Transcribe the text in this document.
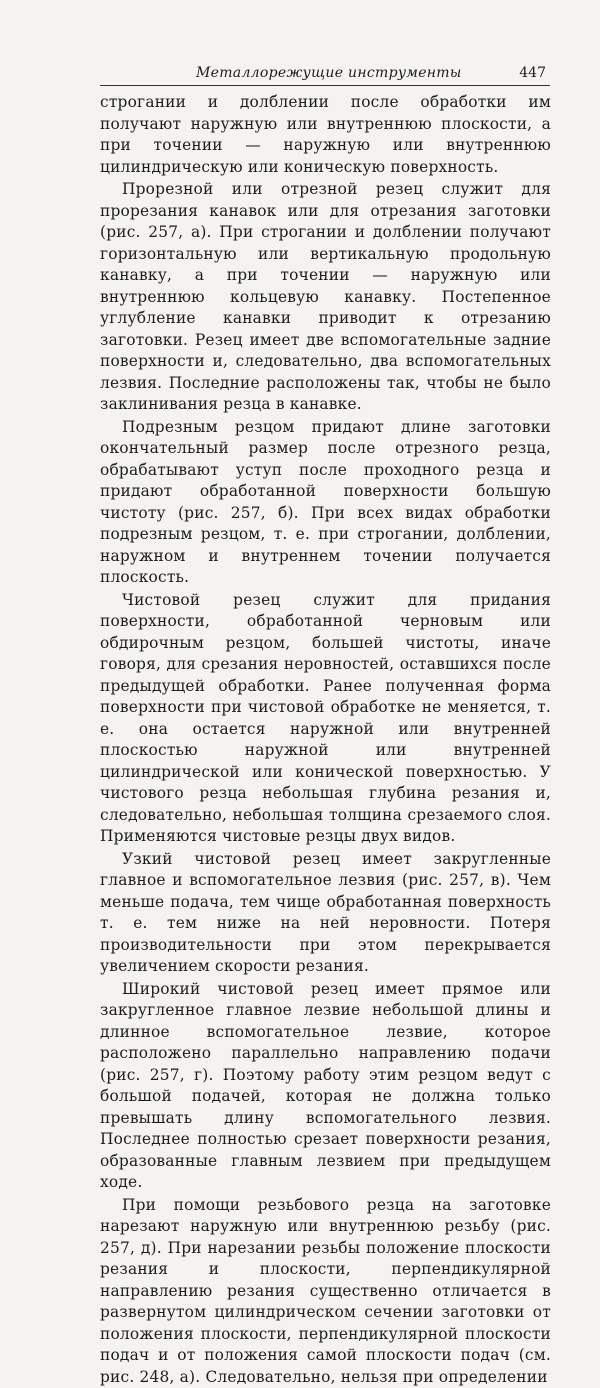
Металлорежущие инструменты	447

строгании и долблении после обработки им получают наружную или внутреннюю плоскости, а при точении — наружную или внутреннюю цилиндрическую или коническую поверхность.

Прорезной или отрезной резец служит для прорезания канавок или для отрезания заготовки (рис. 257, а). При строгании и долблении получают горизонтальную или вертикальную продольную канавку, а при точении — наружную или внутреннюю кольцевую канавку. Постепенное углубление канавки приводит к отрезанию заготовки. Резец имеет две вспомогательные задние поверхности и, следовательно, два вспомогательных лезвия. Последние расположены так, чтобы не было заклинивания резца в канавке.

Подрезным резцом придают длине заготовки окончательный размер после отрезного резца, обрабатывают уступ после проходного резца и придают обработанной поверхности большую чистоту (рис. 257, б). При всех видах обработки подрезным резцом, т. е. при строгании, долблении, наружном и внутреннем точении получается плоскость.

Чистовой резец служит для придания поверхности, обработанной черновым или обдирочным резцом, большей чистоты, иначе говоря, для срезания неровностей, оставшихся после предыдущей обработки. Ранее полученная форма поверхности при чистовой обработке не меняется, т. е. она остается наружной или внутренней плоскостью наружной или внутренней цилиндрической или конической поверхностью. У чистового резца небольшая глубина резания и, следовательно, небольшая толщина срезаемого слоя. Применяются чистовые резцы двух видов.

Узкий чистовой резец имеет закругленные главное и вспомогательное лезвия (рис. 257, в). Чем меньше подача, тем чище обработанная поверхность т. е. тем ниже на ней неровности. Потеря производительности при этом перекрывается увеличением скорости резания.

Широкий чистовой резец имеет прямое или закругленное главное лезвие небольшой длины и длинное вспомогательное лезвие, которое расположено параллельно направлению подачи (рис. 257, г). Поэтому работу этим резцом ведут с большой подачей, которая не должна только превышать длину вспомогательного лезвия. Последнее полностью срезает поверхности резания, образованные главным лезвием при предыдущем ходе.

При помощи резьбового резца на заготовке нарезают наружную или внутреннюю резьбу (рис. 257, д). При нарезании резьбы положение плоскости резания и плоскости, перпендикулярной направлению резания существенно отличается в развернутом цилиндрическом сечении заготовки от положения плоскости, перпендикулярной плоскости подач и от положения самой плоскости подач (см. рис. 248, а). Следовательно, нельзя при определении
